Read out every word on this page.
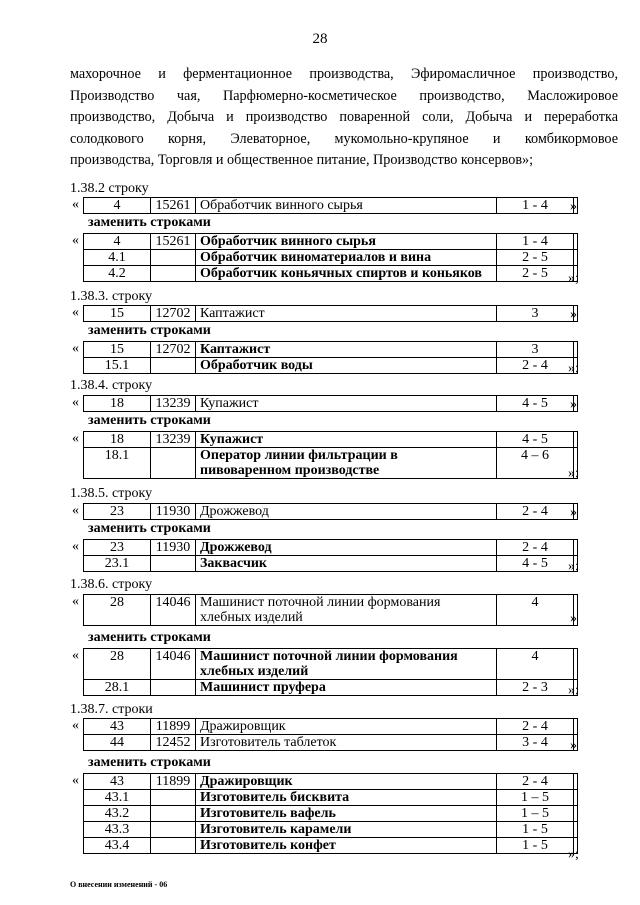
28
махорочное и ферментационное производства, Эфиромасличное производство,
Производство чая, Парфюмерно-косметическое производство, Масложировое
производство, Добыча и производство поваренной соли, Добыча и переработка
солодкового корня, Элеваторное, мукомольно-крупяное и комбикормовое
производства, Торговля и общественное питание, Производство консервов»;
1.38.2 строку
4	15261	Обработчик винного сырья	1 - 4	
«	»
заменить строками
4	15261	Обработчик винного сырья	1 - 4	
4.1		Обработчик виноматериалов и вина	2 - 5	
4.2		Обработчик коньячных спиртов и коньяков	2 - 5	
«
»;
1.38.3. строку
15	12702	Каптажист	3	
«	»
заменить строками
15	12702	Каптажист	3	
15.1		Обработчик воды	2 - 4	
«
»;
1.38.4. строку
18	13239	Купажист	4 - 5	
«	»
заменить строками
18	13239	Купажист	4 - 5	
18.1		Оператор линии фильтрации в
пивоваренном производстве	4 – 6	
«
»;
1.38.5. строку
23	11930	Дрожжевод	2 - 4	
«	»
заменить строками
23	11930	Дрожжевод	2 - 4	
23.1		Заквасчик	4 - 5	
«
»;
1.38.6. строку
28	14046	Машинист поточной линии формования
хлебных изделий	4	
«
»
заменить строками
28	14046	Машинист поточной линии формования
хлебных изделий	4	
28.1		Машинист пруфера	2 - 3	
«
»;
1.38.7. строки
43	11899	Дражировщик	2 - 4	
44	12452	Изготовитель таблеток	3 - 4	
«
»
заменить строками
43	11899	Дражировщик	2 - 4	
43.1		Изготовитель бисквита	1 – 5	
43.2		Изготовитель вафель	1 – 5	
43.3		Изготовитель карамели	1 - 5	
43.4		Изготовитель конфет	1 - 5	
«
»;
О внесении изменений - 06
